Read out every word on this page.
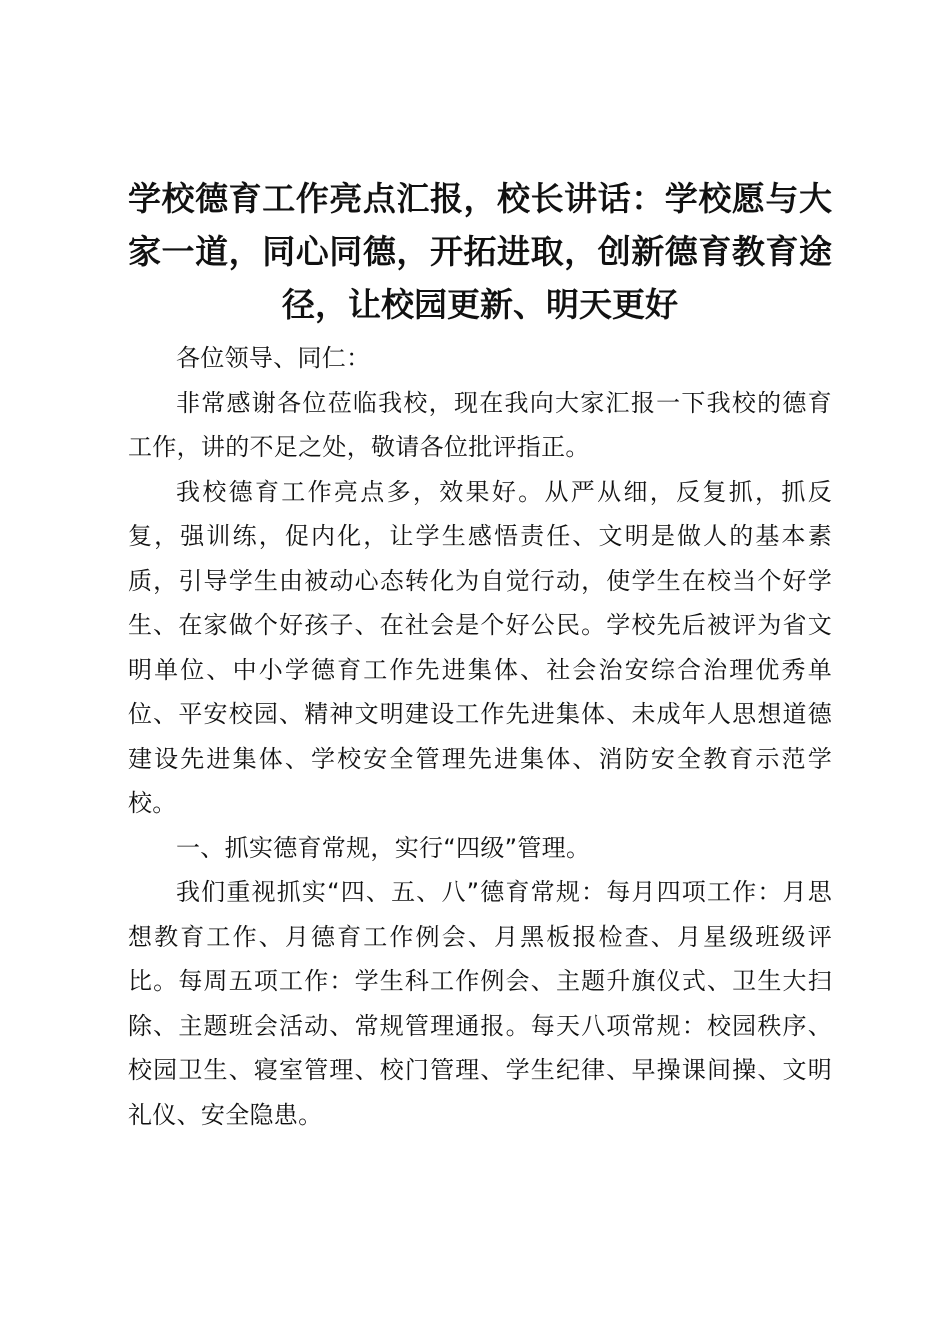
学校德育工作亮点汇报，校长讲话：学校愿与大家一道，同心同德，开拓进取，创新德育教育途径，让校园更新、明天更好

各位领导、同仁：

非常感谢各位莅临我校，现在我向大家汇报一下我校的德育工作，讲的不足之处，敬请各位批评指正。

我校德育工作亮点多，效果好。从严从细，反复抓，抓反复，强训练，促内化，让学生感悟责任、文明是做人的基本素质，引导学生由被动心态转化为自觉行动，使学生在校当个好学生、在家做个好孩子、在社会是个好公民。学校先后被评为省文明单位、中小学德育工作先进集体、社会治安综合治理优秀单位、平安校园、精神文明建设工作先进集体、未成年人思想道德建设先进集体、学校安全管理先进集体、消防安全教育示范学校。

一、抓实德育常规，实行“四级”管理。

我们重视抓实“四、五、八”德育常规：每月四项工作：月思想教育工作、月德育工作例会、月黑板报检查、月星级班级评比。每周五项工作：学生科工作例会、主题升旗仪式、卫生大扫除、主题班会活动、常规管理通报。每天八项常规：校园秩序、校园卫生、寝室管理、校门管理、学生纪律、早操课间操、文明礼仪、安全隐患。
